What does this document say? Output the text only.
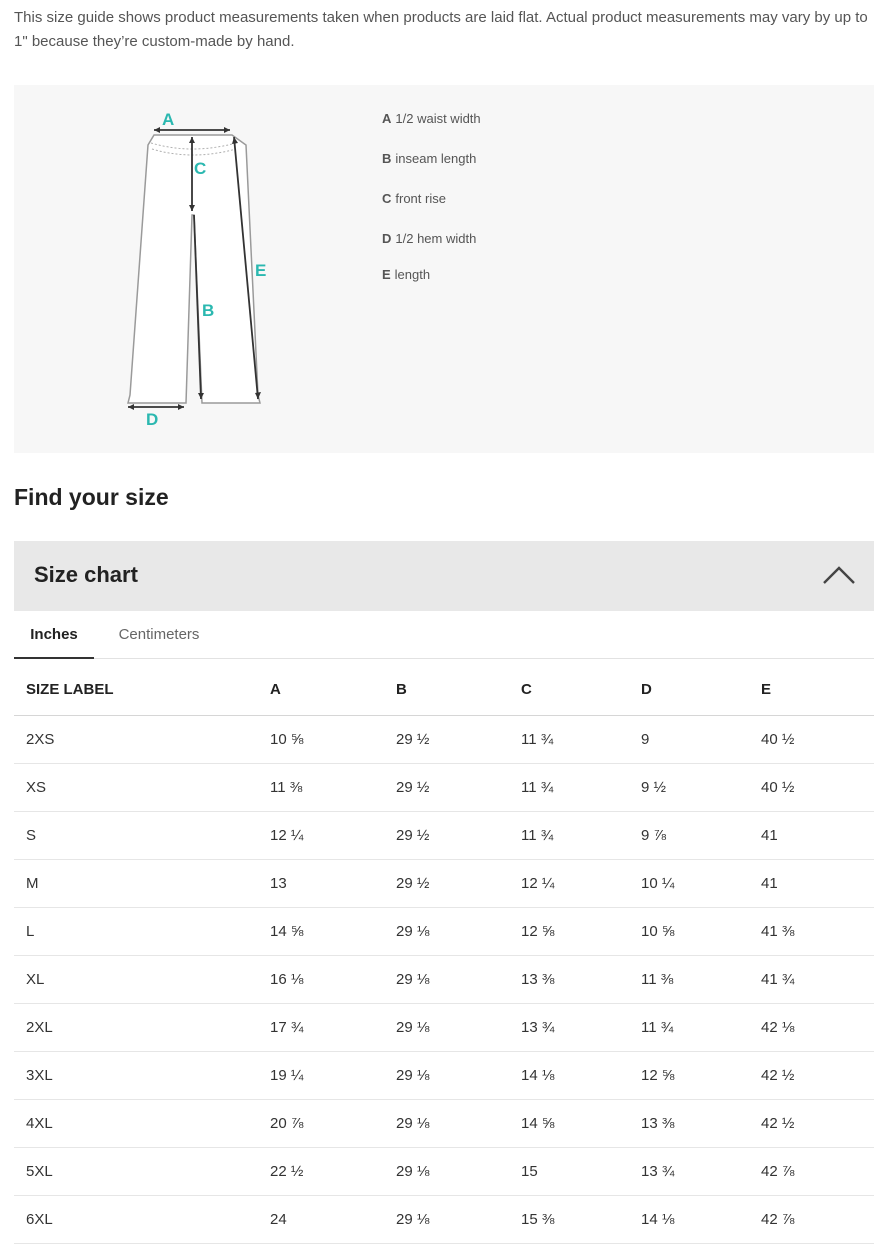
This size guide shows product measurements taken when products are laid flat. Actual product measurements may vary by up to 1" because they’re custom-made by hand.

A
B
C
D
E
A 1/2 waist width
B inseam length
C front rise
D 1/2 hem width
E length
Find your size
Size chart
Inches	Centimeters
SIZE LABEL	A	B	C	D	E
2XS	10 ⅝	29 ½	11 ¾	9	40 ½
XS	11 ⅜	29 ½	11 ¾	9 ½	40 ½
S	12 ¼	29 ½	11 ¾	9 ⅞	41
M	13	29 ½	12 ¼	10 ¼	41
L	14 ⅝	29 ⅛	12 ⅝	10 ⅝	41 ⅜
XL	16 ⅛	29 ⅛	13 ⅜	11 ⅜	41 ¾
2XL	17 ¾	29 ⅛	13 ¾	11 ¾	42 ⅛
3XL	19 ¼	29 ⅛	14 ⅛	12 ⅝	42 ½
4XL	20 ⅞	29 ⅛	14 ⅝	13 ⅜	42 ½
5XL	22 ½	29 ⅛	15	13 ¾	42 ⅞
6XL	24	29 ⅛	15 ⅜	14 ⅛	42 ⅞
